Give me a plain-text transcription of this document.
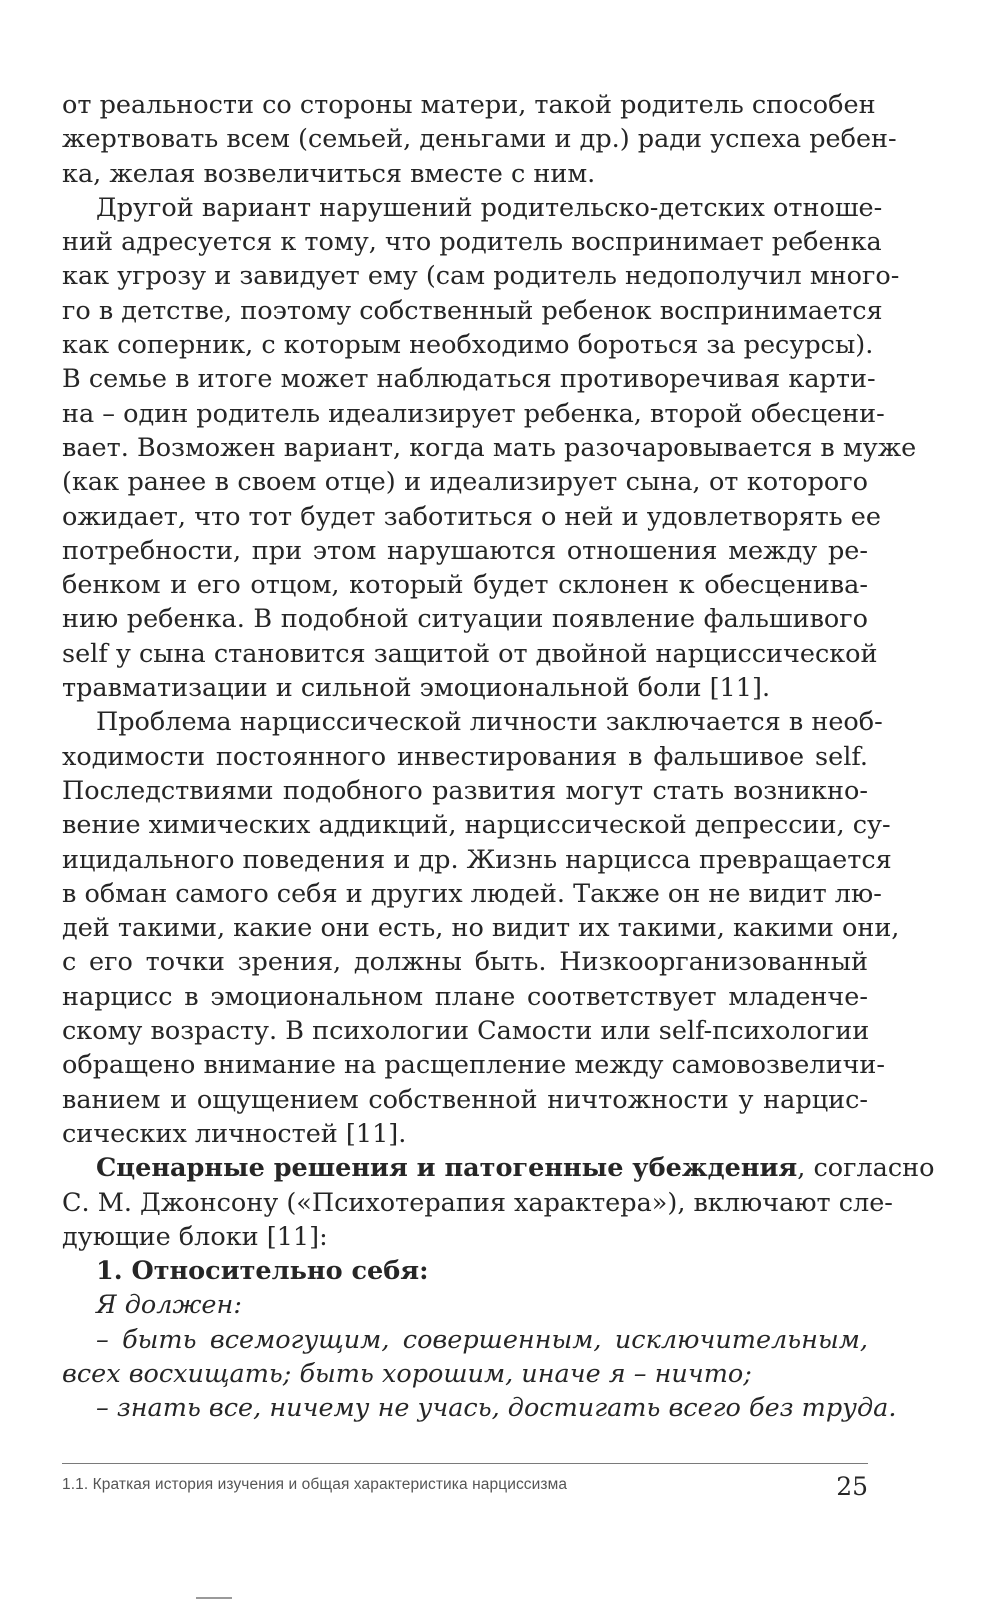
от реальности со стороны матери, такой родитель способен
жертвовать всем (семьей, деньгами и др.) ради успеха ребен-
ка, желая возвеличиться вместе с ним.

Другой вариант нарушений родительско-детских отноше-
ний адресуется к тому, что родитель воспринимает ребенка
как угрозу и завидует ему (сам родитель недополучил много-
го в детстве, поэтому собственный ребенок воспринимается
как соперник, с которым необходимо бороться за ресурсы).
В семье в итоге может наблюдаться противоречивая карти-
на – один родитель идеализирует ребенка, второй обесцени-
вает. Возможен вариант, когда мать разочаровывается в муже
(как ранее в своем отце) и идеализирует сына, от которого
ожидает, что тот будет заботиться о ней и удовлетворять ее
потребности, при этом нарушаются отношения между ре-
бенком и его отцом, который будет склонен к обесценива-
нию ребенка. В подобной ситуации появление фальшивого
self у сына становится защитой от двойной нарциссической
травматизации и сильной эмоциональной боли [11].

Проблема нарциссической личности заключается в необ-
ходимости постоянного инвестирования в фальшивое self.
Последствиями подобного развития могут стать возникно-
вение химических аддикций, нарциссической депрессии, су-
ицидального поведения и др. Жизнь нарцисса превращается
в обман самого себя и других людей. Также он не видит лю-
дей такими, какие они есть, но видит их такими, какими они,
с его точки зрения, должны быть. Низкоорганизованный
нарцисс в эмоциональном плане соответствует младенче-
скому возрасту. В психологии Самости или self-психологии
обращено внимание на расщепление между самовозвеличи-
ванием и ощущением собственной ничтожности у нарцис-
сических личностей [11].

Сценарные решения и патогенные убеждения, согласно
С. М. Джонсону («Психотерапия характера»), включают сле-
дующие блоки [11]:

1. Относительно себя:

Я должен:
– быть всемогущим, совершенным, исключительным,
всех восхищать; быть хорошим, иначе я – ничто;
– знать все, ничему не учась, достигать всего без труда.

1.1. Краткая история изучения и общая характеристика нарциссизма	25
